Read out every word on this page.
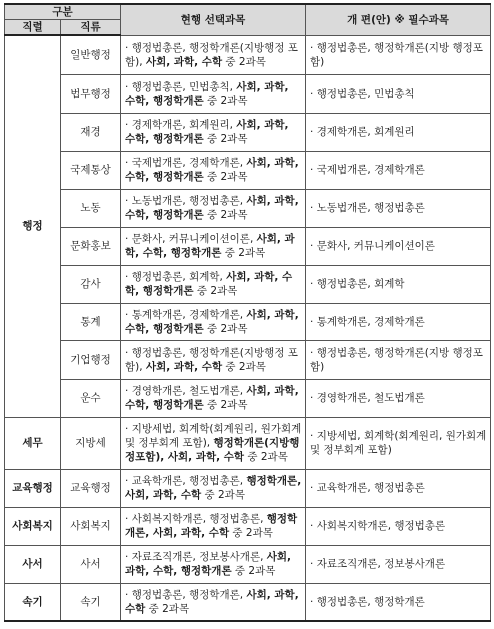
구분		현행 선택과목	개 편(안) ※ 필수과목
직렬	직류		
행정	일반행정	· 행정법총론, 행정학개론(지방행정 포함), 사회, 과학, 수학 중 2과목	· 행정법총론, 행정학개론(지방 행정포함)
	법무행정	· 행정법총론, 민법총칙, 사회, 과학, 수학, 행정학개론 중 2과목	· 행정법총론, 민법총칙
	재경	· 경제학개론, 회계원리, 사회, 과학, 수학, 행정학개론 중 2과목	· 경제학개론, 회계원리
	국제통상	· 국제법개론, 경제학개론, 사회, 과학, 수학, 행정학개론 중 2과목	· 국제법개론, 경제학개론
	노동	· 노동법개론, 행정법총론, 사회, 과학, 수학, 행정학개론 중 2과목	· 노동법개론, 행정법총론
	문화홍보	· 문화사, 커뮤니케이션이론, 사회, 과학, 수학, 행정학개론 중 2과목	· 문화사, 커뮤니케이션이론
	감사	· 행정법총론, 회계학, 사회, 과학, 수학, 행정학개론 중 2과목	· 행정법총론, 회계학
	통계	· 통계학개론, 경제학개론, 사회, 과학, 수학, 행정학개론 중 2과목	· 통계학개론, 경제학개론
	기업행정	· 행정법총론, 행정학개론(지방행정 포함), 사회, 과학, 수학 중 2과목	· 행정법총론, 행정학개론(지방 행정포함)
	운수	· 경영학개론, 철도법개론, 사회, 과학, 수학, 행정학개론 중 2과목	· 경영학개론, 철도법개론
세무	지방세	· 지방세법, 회계학(회계원리, 원가회계 및 정부회계 포함), 행정학개론(지방행정포함), 사회, 과학, 수학 중 2과목	· 지방세법, 회계학(회계원리, 원가회계 및 정부회계 포함)
교육행정	교육행정	· 교육학개론, 행정법총론, 행정학개론, 사회, 과학, 수학 중 2과목	· 교육학개론, 행정법총론
사회복지	사회복지	· 사회복지학개론, 행정법총론, 행정학개론, 사회, 과학, 수학 중 2과목	· 사회복지학개론, 행정법총론
사서	사서	· 자료조직개론, 정보봉사개론, 사회, 과학, 수학, 행정학개론 중 2과목	· 자료조직개론, 정보봉사개론
속기	속기	· 행정법총론, 행정학개론, 사회, 과학, 수학 중 2과목	· 행정법총론, 행정학개론
